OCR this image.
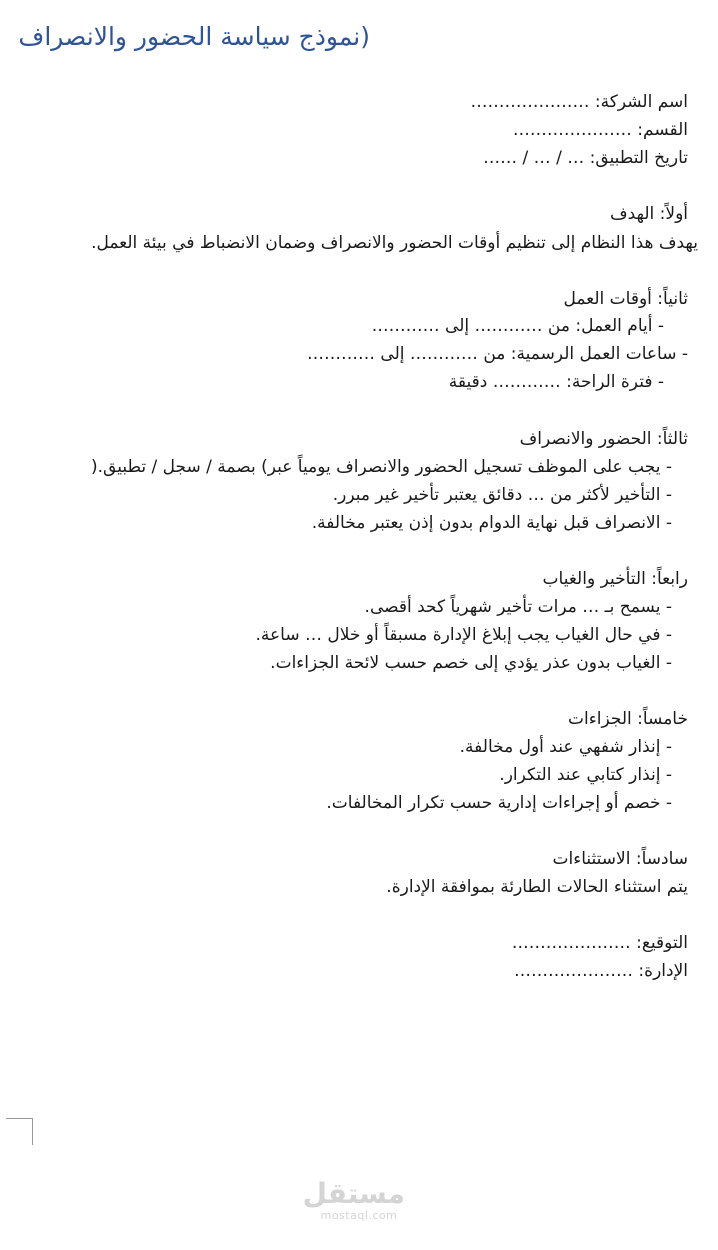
(نموذج سياسة الحضور والانصراف
اسم الشركة: …………………
القسم: …………………
تاريخ التطبيق: … / … / ……
أولاً: الهدف
يهدف هذا النظام إلى تنظيم أوقات الحضور والانصراف وضمان الانضباط في بيئة العمل.
ثانياً: أوقات العمل
- أيام العمل: من ………… إلى …………
- ساعات العمل الرسمية: من ………… إلى …………
- فترة الراحة: ………… دقيقة
ثالثاً: الحضور والانصراف
- يجب على الموظف تسجيل الحضور والانصراف يومياً عبر) بصمة / سجل / تطبيق.(
- التأخير لأكثر من … دقائق يعتبر تأخير غير مبرر.
- الانصراف قبل نهاية الدوام بدون إذن يعتبر مخالفة.
رابعاً: التأخير والغياب
- يسمح بـ … مرات تأخير شهرياً كحد أقصى.
- في حال الغياب يجب إبلاغ الإدارة مسبقاً أو خلال … ساعة.
- الغياب بدون عذر يؤدي إلى خصم حسب لائحة الجزاءات.
خامساً: الجزاءات
- إنذار شفهي عند أول مخالفة.
- إنذار كتابي عند التكرار.
- خصم أو إجراءات إدارية حسب تكرار المخالفات.
سادساً: الاستثناءات
يتم استثناء الحالات الطارئة بموافقة الإدارة.
التوقيع: …………………
الإدارة: …………………
مستقل
mostaql.com
